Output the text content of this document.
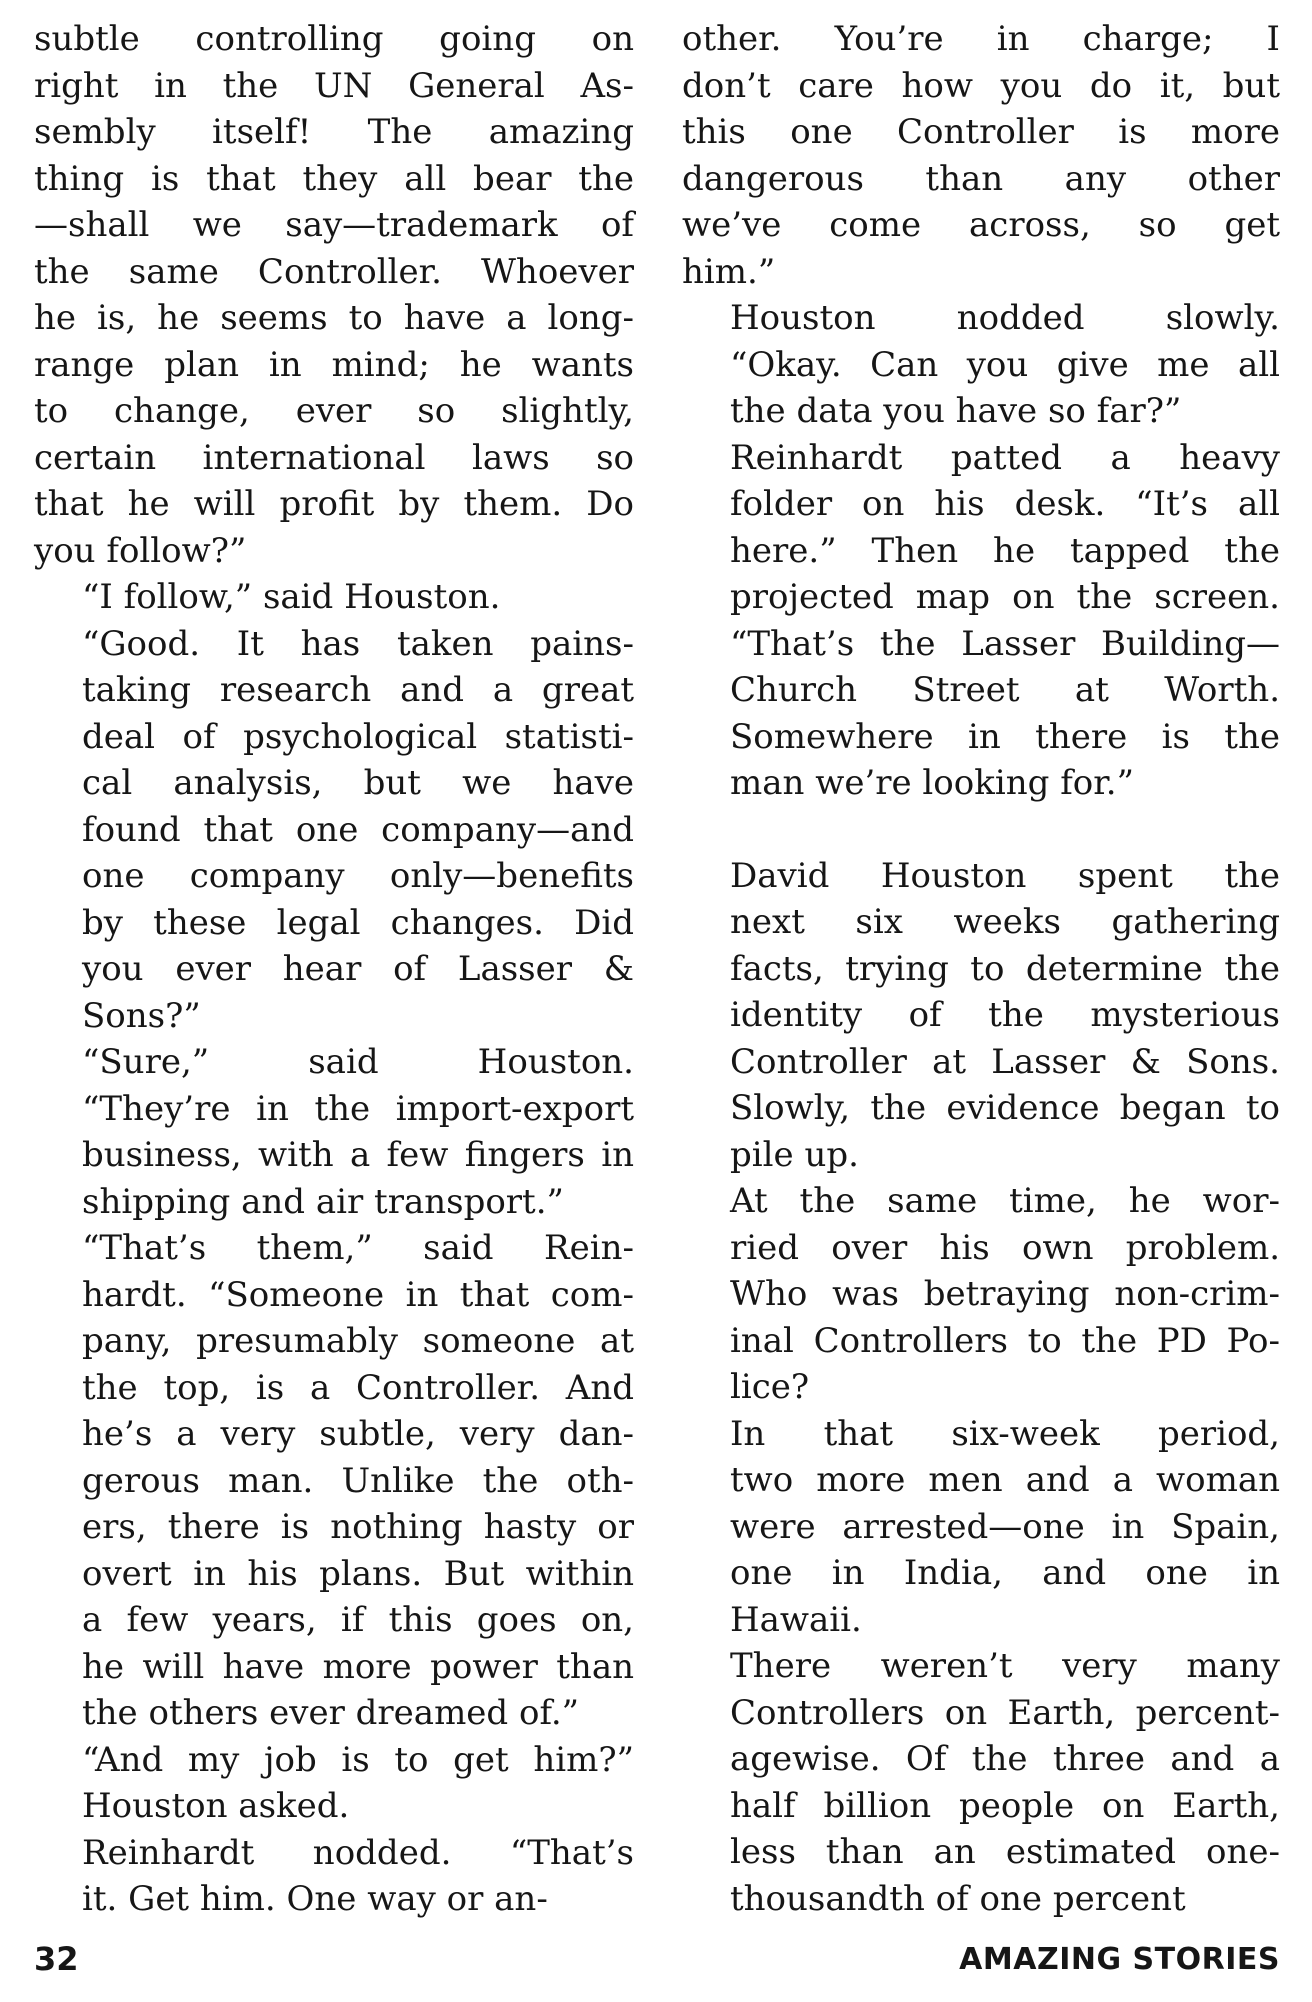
subtle controlling going on
right in the UN General As-
sembly itself! The amazing
thing is that they all bear the
—shall we say—trademark of
the same Controller. Whoever
he is, he seems to have a long-
range plan in mind; he wants
to change, ever so slightly,
certain international laws so
that he will profit by them. Do
you follow?”

“I follow,” said Houston.

“Good. It has taken pains-
taking research and a great
deal of psychological statisti-
cal analysis, but we have
found that one company—and
one company only—benefits
by these legal changes. Did
you ever hear of Lasser &
Sons?”

“Sure,” said Houston.
“They’re in the import-export
business, with a few fingers in
shipping and air transport.”

“That’s them,” said Rein-
hardt. “Someone in that com-
pany, presumably someone at
the top, is a Controller. And
he’s a very subtle, very dan-
gerous man. Unlike the oth-
ers, there is nothing hasty or
overt in his plans. But within
a few years, if this goes on,
he will have more power than
the others ever dreamed of.”

“And my job is to get him?”
Houston asked.

Reinhardt nodded. “That’s
it. Get him. One way or an-

other. You’re in charge; I
don’t care how you do it, but
this one Controller is more
dangerous than any other
we’ve come across, so get
him.”

Houston nodded slowly.
“Okay. Can you give me all
the data you have so far?”

Reinhardt patted a heavy
folder on his desk. “It’s all
here.” Then he tapped the
projected map on the screen.
“That’s the Lasser Building—
Church Street at Worth.
Somewhere in there is the
man we’re looking for.”

David Houston spent the
next six weeks gathering
facts, trying to determine the
identity of the mysterious
Controller at Lasser & Sons.
Slowly, the evidence began to
pile up.

At the same time, he wor-
ried over his own problem.
Who was betraying non-crim-
inal Controllers to the PD Po-
lice?

In that six-week period,
two more men and a woman
were arrested—one in Spain,
one in India, and one in
Hawaii.

There weren’t very many
Controllers on Earth, percent-
agewise. Of the three and a
half billion people on Earth,
less than an estimated one-
thousandth of one percent

32	AMAZING STORIES
